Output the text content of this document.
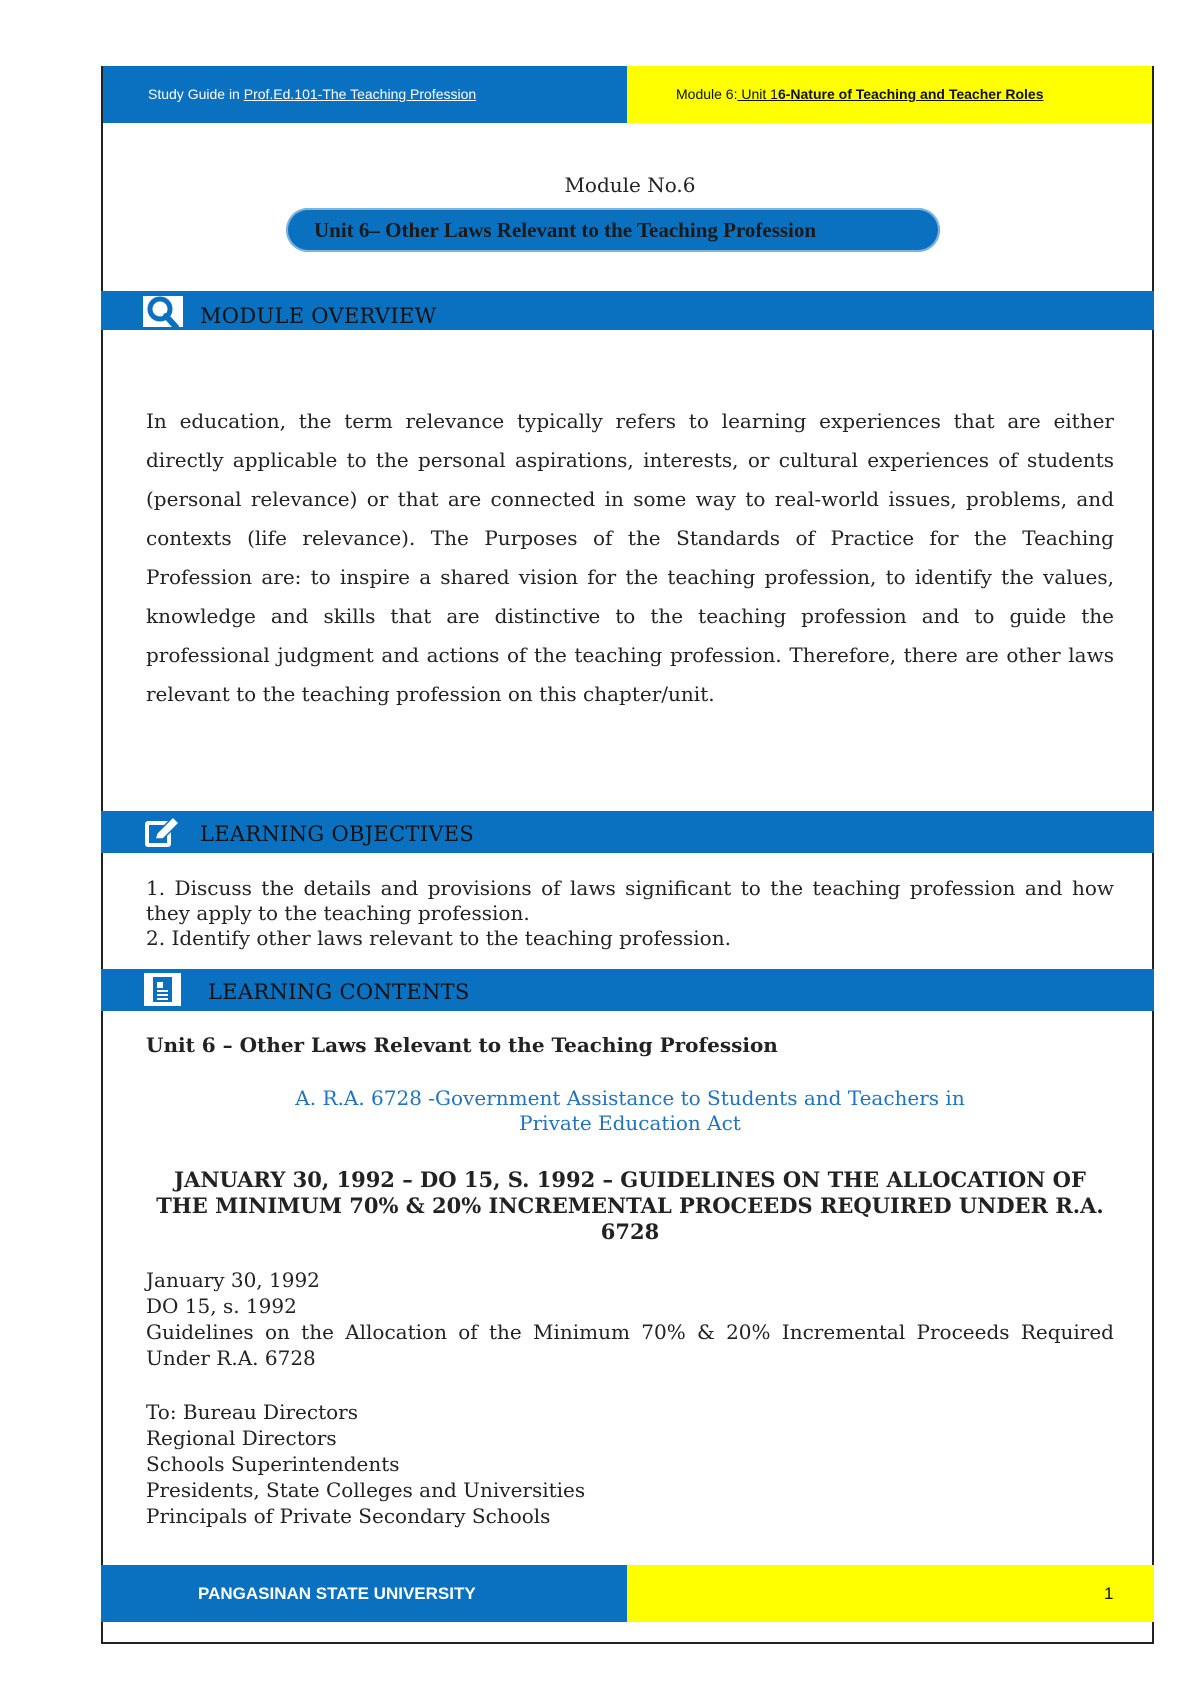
Study Guide in Prof.Ed.101-The Teaching Profession	Module 6: Unit 16-Nature of Teaching and Teacher Roles
Module No.6
Unit 6– Other Laws Relevant to the Teaching Profession
MODULE OVERVIEW
In education, the term relevance typically refers to learning experiences that are either directly applicable to the personal aspirations, interests, or cultural experiences of students (personal relevance) or that are connected in some way to real-world issues, problems, and contexts (life relevance). The Purposes of the Standards of Practice for the Teaching Profession are: to inspire a shared vision for the teaching profession, to identify the values, knowledge and skills that are distinctive to the teaching profession and to guide the professional judgment and actions of the teaching profession. Therefore, there are other laws relevant to the teaching profession on this chapter/unit.
LEARNING OBJECTIVES
1. Discuss the details and provisions of laws significant to the teaching profession and how they apply to the teaching profession.
2. Identify other laws relevant to the teaching profession.
LEARNING CONTENTS
Unit 6 – Other Laws Relevant to the Teaching Profession
A. R.A. 6728 -Government Assistance to Students and Teachers in Private Education Act
JANUARY 30, 1992 – DO 15, S. 1992 – GUIDELINES ON THE ALLOCATION OF THE MINIMUM 70% & 20% INCREMENTAL PROCEEDS REQUIRED UNDER R.A. 6728
January 30, 1992
DO 15, s. 1992
Guidelines on the Allocation of the Minimum 70% & 20% Incremental Proceeds Required Under R.A. 6728
To: Bureau Directors
Regional Directors
Schools Superintendents
Presidents, State Colleges and Universities
Principals of Private Secondary Schools
PANGASINAN STATE UNIVERSITY	1
